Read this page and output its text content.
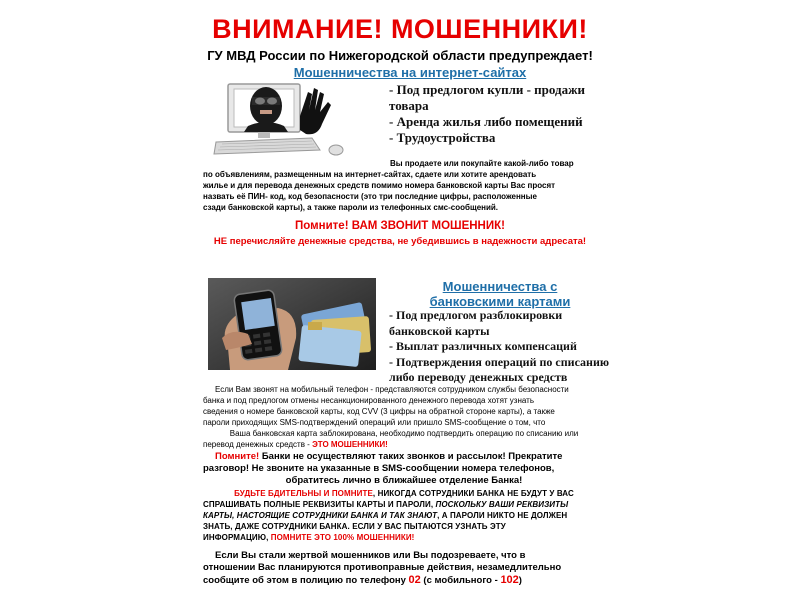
ВНИМАНИЕ! МОШЕННИКИ!
ГУ МВД России по Нижегородской области предупреждает!
Мошенничества на интернет-сайтах
- Под предлогом купли - продажи
товара
- Аренда жилья либо помещений
- Трудоустройства
Вы продаете или покупайте какой-либо товар
по объявлениям, размещенным на интернет-сайтах, сдаете или хотите арендовать
жилье и для перевода денежных средств помимо номера банковской карты Вас просят
назвать её ПИН- код, код безопасности (это три последние цифры, расположенные
сзади банковской карты), а также пароли из телефонных смс-сообщений.
Помните! ВАМ ЗВОНИТ МОШЕННИК!
НЕ перечисляйте денежные средства, не убедившись в надежности адресата!
Мошенничества с
банковскими картами
- Под предлогом разблокировки
банковской карты
- Выплат различных компенсаций
- Подтверждения операций по списанию
либо переводу денежных средств
Если Вам звонят на мобильный телефон - представляются сотрудником службы безопасности
банка и под предлогом отмены несанкционированного денежного перевода хотят узнать
сведения о номере банковской карты, код CVV (3 цифры на обратной стороне карты), а также
пароли приходящих SMS-подтверждений операций или пришло SMS-сообщение о том, что
Ваша банковская карта заблокирована, необходимо подтвердить операцию по списанию или
перевод денежных средств - ЭТО МОШЕННИКИ!
Помните! Банки не осуществляют таких звонков и рассылок! Прекратите
разговор! Не звоните на указанные в SMS-сообщении номера телефонов,
обратитесь лично в ближайшее отделение Банка!
БУДЬТЕ БДИТЕЛЬНЫ И ПОМНИТЕ, НИКОГДА СОТРУДНИКИ БАНКА НЕ БУДУТ У ВАС
СПРАШИВАТЬ ПОЛНЫЕ РЕКВИЗИТЫ КАРТЫ И ПАРОЛИ, ПОСКОЛЬКУ ВАШИ РЕКВИЗИТЫ
КАРТЫ, НАСТОЯЩИЕ СОТРУДНИКИ БАНКА И ТАК ЗНАЮТ, А ПАРОЛИ НИКТО НЕ ДОЛЖЕН
ЗНАТЬ, ДАЖЕ СОТРУДНИКИ БАНКА. ЕСЛИ У ВАС ПЫТАЮТСЯ УЗНАТЬ ЭТУ
ИНФОРМАЦИЮ, ПОМНИТЕ ЭТО 100% МОШЕННИКИ!
Если Вы стали жертвой мошенников или Вы подозреваете, что в
отношении Вас планируются противоправные действия, незамедлительно
сообщите об этом в полицию по телефону 02 (с мобильного - 102)
